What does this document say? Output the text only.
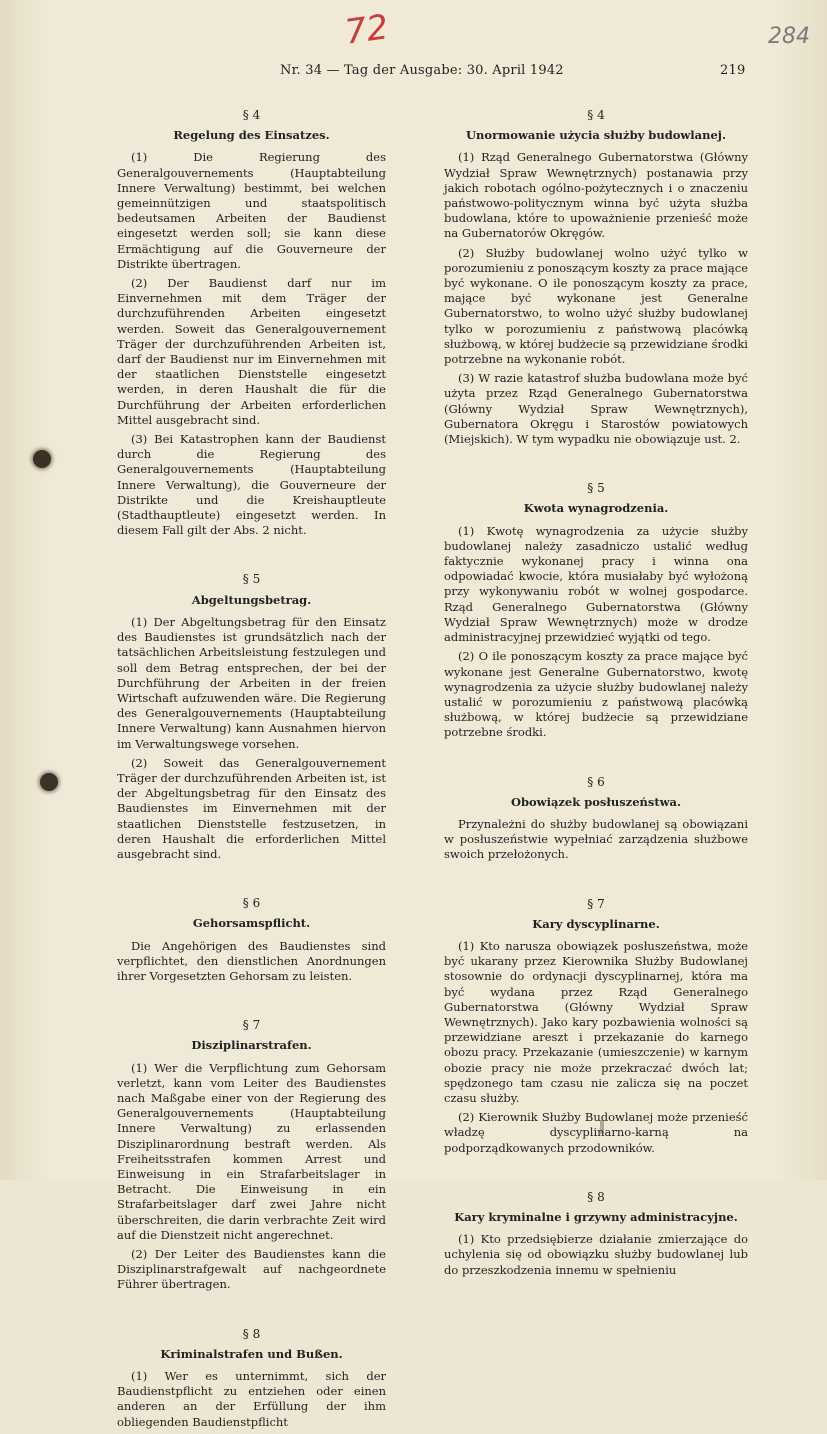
72	284
Nr. 34 — Tag der Ausgabe: 30. April 1942	219
§ 4
Regelung des Einsatzes.

(1) Die Regierung des Generalgouvernements (Hauptabteilung Innere Verwaltung) bestimmt, bei welchen gemeinnützigen und staatspolitisch bedeutsamen Arbeiten der Baudienst eingesetzt werden soll; sie kann diese Ermächtigung auf die Gouverneure der Distrikte übertragen.

(2) Der Baudienst darf nur im Einvernehmen mit dem Träger der durchzuführenden Arbeiten eingesetzt werden. Soweit das Generalgouvernement Träger der durchzuführenden Arbeiten ist, darf der Baudienst nur im Einvernehmen mit der staatlichen Dienststelle eingesetzt werden, in deren Haushalt die für die Durchführung der Arbeiten erforderlichen Mittel ausgebracht sind.

(3) Bei Katastrophen kann der Baudienst durch die Regierung des Generalgouvernements (Hauptabteilung Innere Verwaltung), die Gouverneure der Distrikte und die Kreishauptleute (Stadthauptleute) eingesetzt werden. In diesem Fall gilt der Abs. 2 nicht.

§ 5
Abgeltungsbetrag.

(1) Der Abgeltungsbetrag für den Einsatz des Baudienstes ist grundsätzlich nach der tatsächlichen Arbeitsleistung festzulegen und soll dem Betrag entsprechen, der bei der Durchführung der Arbeiten in der freien Wirtschaft aufzuwenden wäre. Die Regierung des Generalgouvernements (Hauptabteilung Innere Verwaltung) kann Ausnahmen hiervon im Verwaltungswege vorsehen.

(2) Soweit das Generalgouvernement Träger der durchzuführenden Arbeiten ist, ist der Abgeltungsbetrag für den Einsatz des Baudienstes im Einvernehmen mit der staatlichen Dienststelle festzusetzen, in deren Haushalt die erforderlichen Mittel ausgebracht sind.

§ 6
Gehorsamspflicht.

Die Angehörigen des Baudienstes sind verpflichtet, den dienstlichen Anordnungen ihrer Vorgesetzten Gehorsam zu leisten.

§ 7
Disziplinarstrafen.

(1) Wer die Verpflichtung zum Gehorsam verletzt, kann vom Leiter des Baudienstes nach Maßgabe einer von der Regierung des Generalgouvernements (Hauptabteilung Innere Verwaltung) zu erlassenden Disziplinarordnung bestraft werden. Als Freiheitsstrafen kommen Arrest und Einweisung in ein Strafarbeitslager in Betracht. Die Einweisung in ein Strafarbeitslager darf zwei Jahre nicht überschreiten, die darin verbrachte Zeit wird auf die Dienstzeit nicht angerechnet.

(2) Der Leiter des Baudienstes kann die Disziplinarstrafgewalt auf nachgeordnete Führer übertragen.

§ 8
Kriminalstrafen und Bußen.

(1) Wer es unternimmt, sich der Baudienstpflicht zu entziehen oder einen anderen an der Erfüllung der ihm obliegenden Baudienstpflicht

§ 4
Unormowanie użycia służby budowlanej.

(1) Rząd Generalnego Gubernatorstwa (Główny Wydział Spraw Wewnętrznych) postanawia przy jakich robotach ogólno-pożytecznych i o znaczeniu państwowo-politycznym winna być użyta służba budowlana, które to upoważnienie przenieść może na Gubernatorów Okręgów.

(2) Służby budowlanej wolno użyć tylko w porozumieniu z ponoszącym koszty za prace mające być wykonane. O ile ponoszącym koszty za prace, mające być wykonane jest Generalne Gubernatorstwo, to wolno użyć służby budowlanej tylko w porozumieniu z państwową placówką służbową, w której budżecie są przewidziane środki potrzebne na wykonanie robót.

(3) W razie katastrof służba budowlana może być użyta przez Rząd Generalnego Gubernatorstwa (Główny Wydział Spraw Wewnętrznych), Gubernatora Okręgu i Starostów powiatowych (Miejskich). W tym wypadku nie obowiązuje ust. 2.

§ 5
Kwota wynagrodzenia.

(1) Kwotę wynagrodzenia za użycie służby budowlanej należy zasadniczo ustalić według faktycznie wykonanej pracy i winna ona odpowiadać kwocie, która musiałaby być wyłożoną przy wykonywaniu robót w wolnej gospodarce. Rząd Generalnego Gubernatorstwa (Główny Wydział Spraw Wewnętrznych) może w drodze administracyjnej przewidzieć wyjątki od tego.

(2) O ile ponoszącym koszty za prace mające być wykonane jest Generalne Gubernatorstwo, kwotę wynagrodzenia za użycie służby budowlanej należy ustalić w porozumieniu z państwową placówką służbową, w której budżecie są przewidziane potrzebne środki.

§ 6
Obowiązek posłuszeństwa.

Przynależni do służby budowlanej są obowiązani w posłuszeństwie wypełniać zarządzenia służbowe swoich przełożonych.

§ 7
Kary dyscyplinarne.

(1) Kto narusza obowiązek posłuszeństwa, może być ukarany przez Kierownika Służby Budowlanej stosownie do ordynacji dyscyplinarnej, która ma być wydana przez Rząd Generalnego Gubernatorstwa (Główny Wydział Spraw Wewnętrznych). Jako kary pozbawienia wolności są przewidziane areszt i przekazanie do karnego obozu pracy. Przekazanie (umieszczenie) w karnym obozie pracy nie może przekraczać dwóch lat; spędzonego tam czasu nie zalicza się na poczet czasu służby.

(2) Kierownik Służby Budowlanej może przenieść władzę dyscyplinarno-karną na podporządkowanych przodowników.

§ 8
Kary kryminalne i grzywny administracyjne.

(1) Kto przedsiębierze działanie zmierzające do uchylenia się od obowiązku służby budowlanej lub do przeszkodzenia innemu w spełnieniu
